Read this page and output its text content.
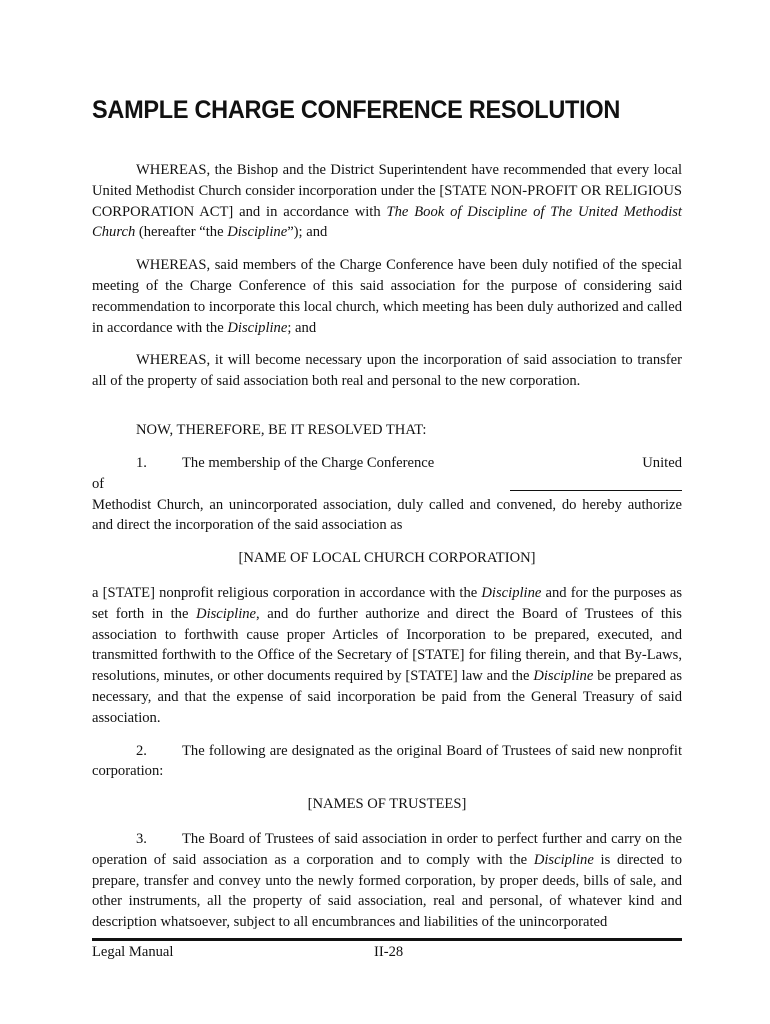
SAMPLE CHARGE CONFERENCE RESOLUTION

WHEREAS, the Bishop and the District Superintendent have recommended that every local United Methodist Church consider incorporation under the [STATE NON-PROFIT OR RELIGIOUS CORPORATION ACT] and in accordance with The Book of Discipline of The United Methodist Church (hereafter “the Discipline”); and

WHEREAS, said members of the Charge Conference have been duly notified of the special meeting of the Charge Conference of this said association for the purpose of considering said recommendation to incorporate this local church, which meeting has been duly authorized and called in accordance with the Discipline; and

WHEREAS, it will become necessary upon the incorporation of said association to transfer all of the property of said association both real and personal to the new corporation.

NOW, THEREFORE, BE IT RESOLVED THAT:

1.	The membership of the Charge Conference	United
of

Methodist Church, an unincorporated association, duly called and convened, do hereby authorize and direct the incorporation of the said association as

[NAME OF LOCAL CHURCH CORPORATION]

a [STATE] nonprofit religious corporation in accordance with the Discipline and for the purposes as set forth in the Discipline, and do further authorize and direct the Board of Trustees of this association to forthwith cause proper Articles of Incorporation to be prepared, executed, and transmitted forthwith to the Office of the Secretary of [STATE] for filing therein, and that By-Laws, resolutions, minutes, or other documents required by [STATE] law and the Discipline be prepared as necessary, and that the expense of said incorporation be paid from the General Treasury of said association.

2. The following are designated as the original Board of Trustees of said new nonprofit corporation:

[NAMES OF TRUSTEES]

3. The Board of Trustees of said association in order to perfect further and carry on the operation of said association as a corporation and to comply with the Discipline is directed to prepare, transfer and convey unto the newly formed corporation, by proper deeds, bills of sale, and other instruments, all the property of said association, real and personal, of whatever kind and description whatsoever, subject to all encumbrances and liabilities of the unincorporated

Legal Manual	II-28
